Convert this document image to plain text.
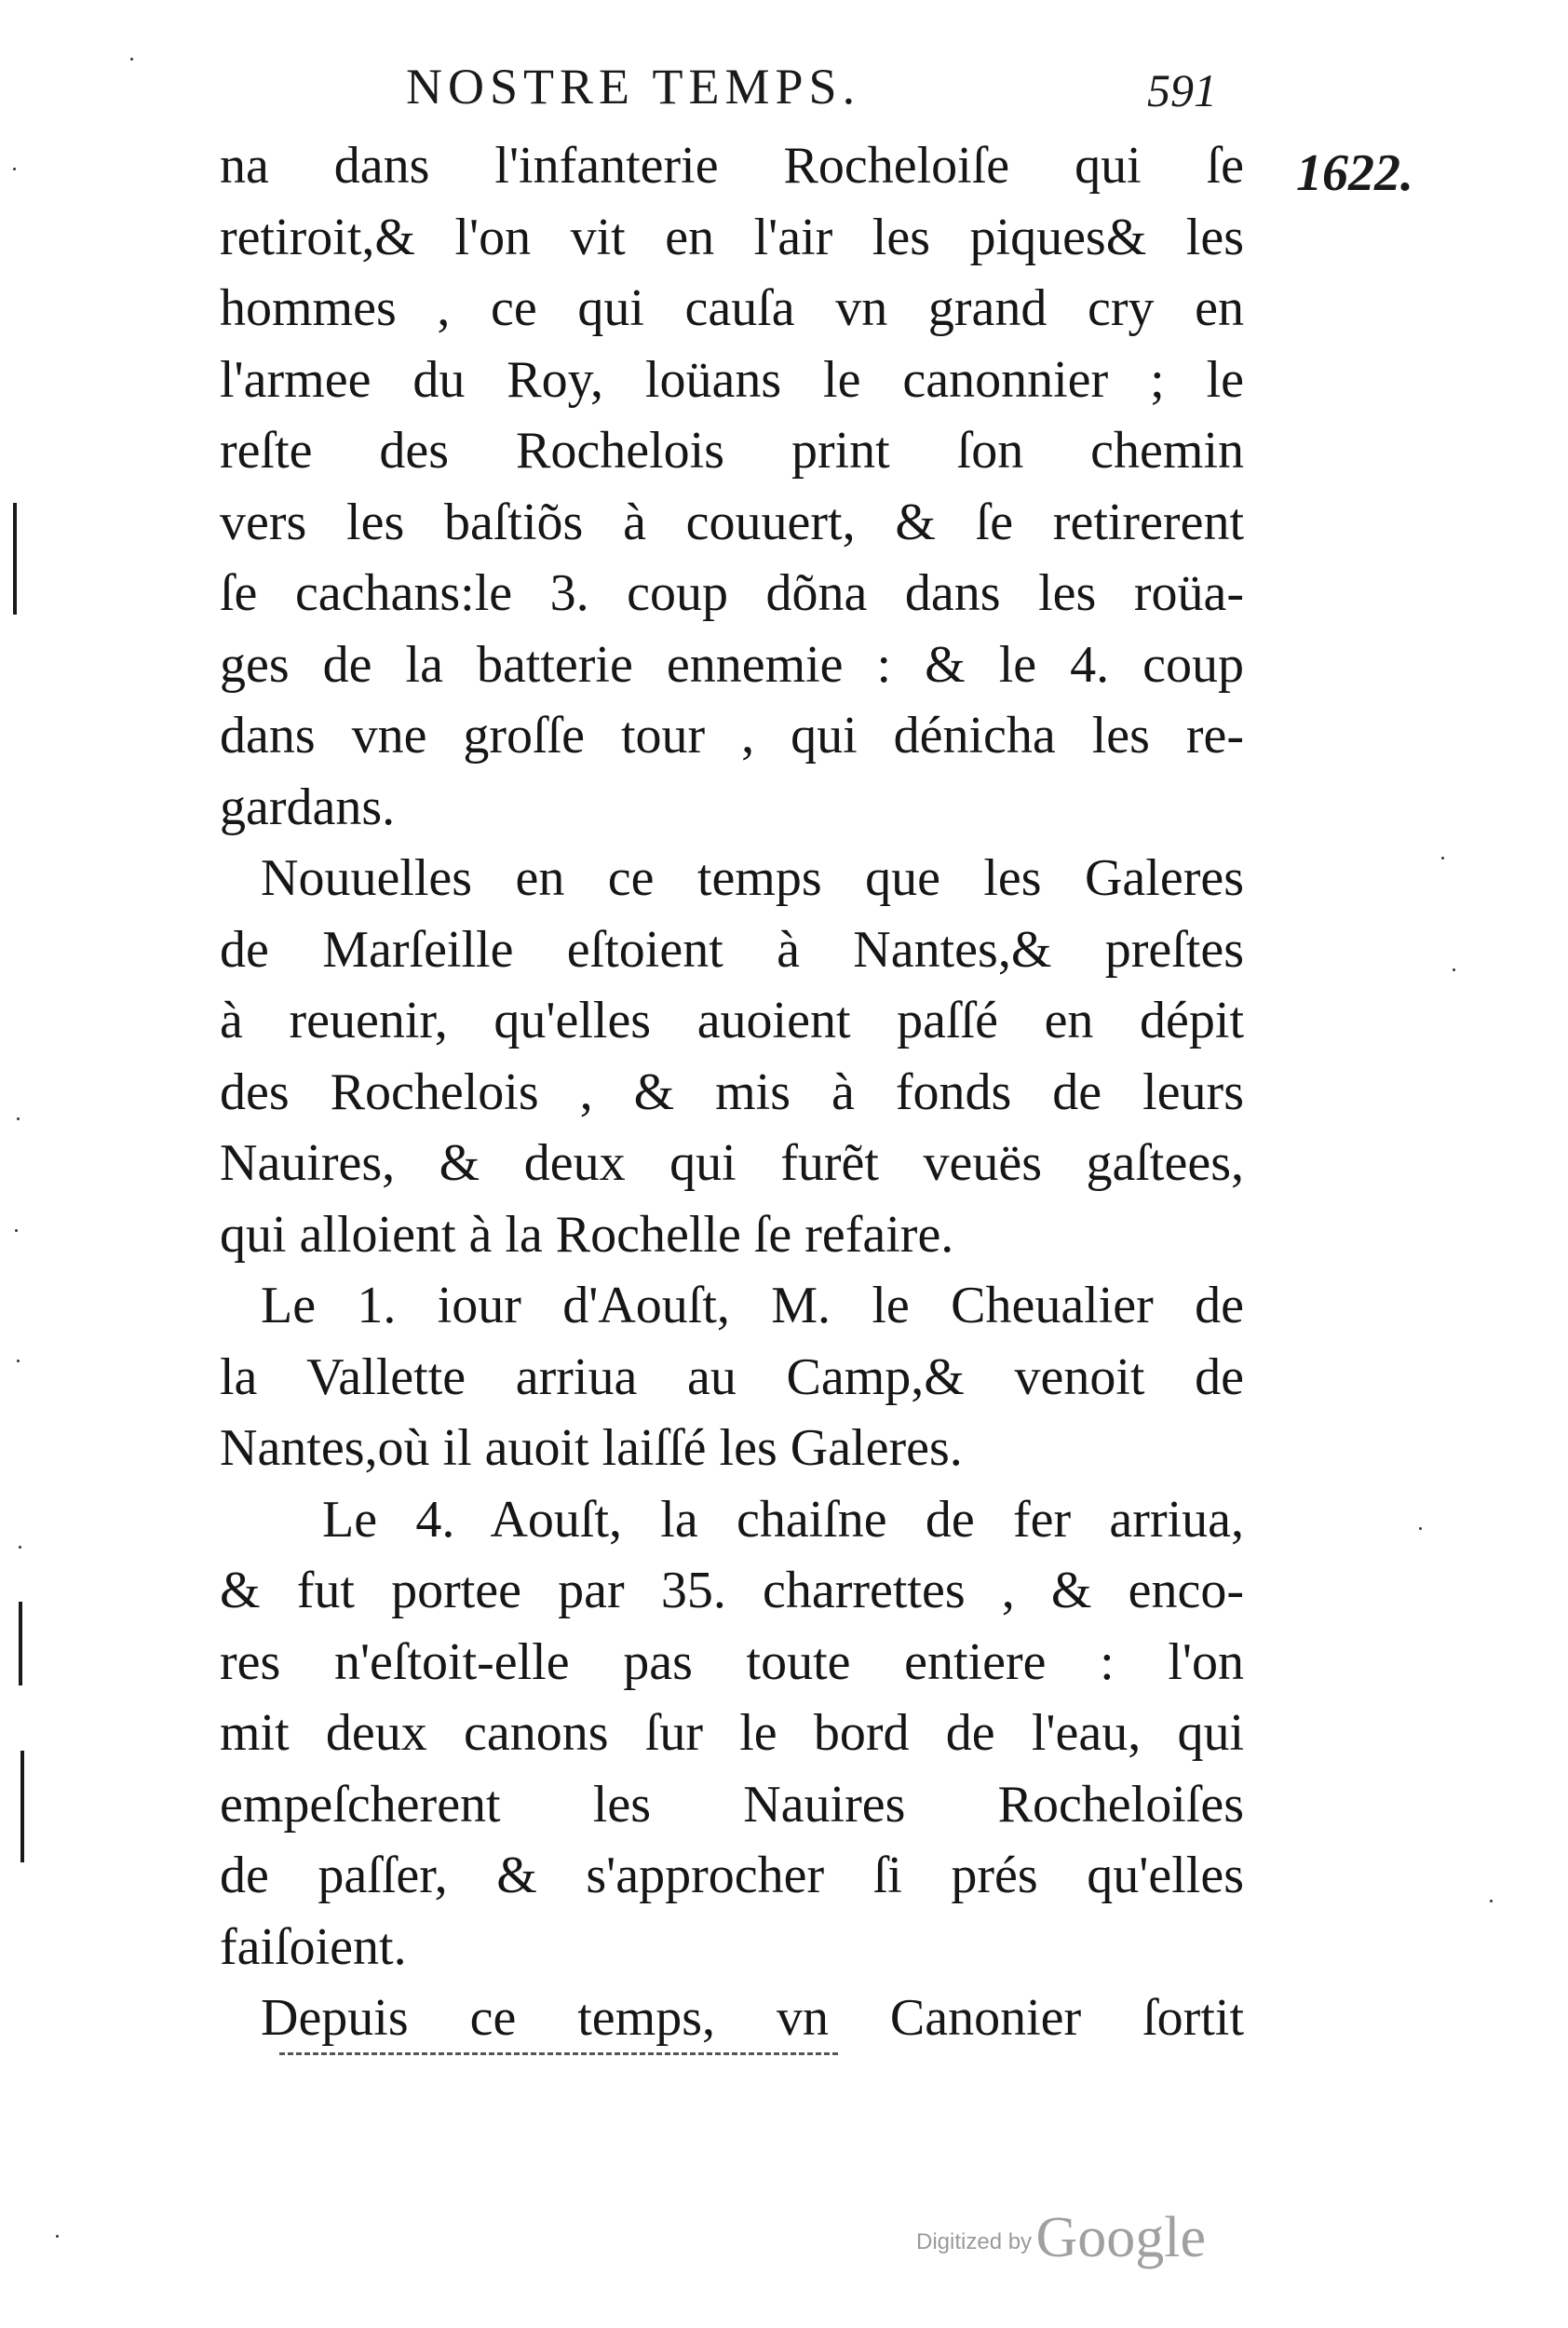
NOSTRE TEMPS.	591
1622.
na dans l'infanterie Rocheloiſe qui ſe
retiroit,& l'on vit en l'air les piques& les
hommes , ce qui cauſa vn grand cry en
l'armee du Roy, loüans le canonnier ; le
reſte des Rochelois print ſon chemin
vers les baſtiõs à couuert, & ſe retirerent
ſe cachans:le 3. coup dõna dans les roüa-
ges de la batterie ennemie : & le 4. coup
dans vne groſſe tour , qui dénicha les re-
gardans.
Nouuelles en ce temps que les Galeres
de Marſeille eſtoient à Nantes,& preſtes
à reuenir, qu'elles auoient paſſé en dépit
des Rochelois , & mis à fonds de leurs
Nauires, & deux qui furẽt veuës gaſtees,
qui alloient à la Rochelle ſe refaire.
Le 1. iour d'Aouſt, M. le Cheualier de
la Vallette arriua au Camp,& venoit de
Nantes,où il auoit laiſſé les Galeres.
Le 4. Aouſt, la chaiſne de fer arriua,
& fut portee par 35. charrettes , & enco-
res n'eſtoit-elle pas toute entiere : l'on
mit deux canons ſur le bord de l'eau, qui
empeſcherent les Nauires Rocheloiſes
de paſſer, & s'approcher ſi prés qu'elles
faiſoient.
Depuis ce temps, vn Canonier ſortit
Digitized by Google
